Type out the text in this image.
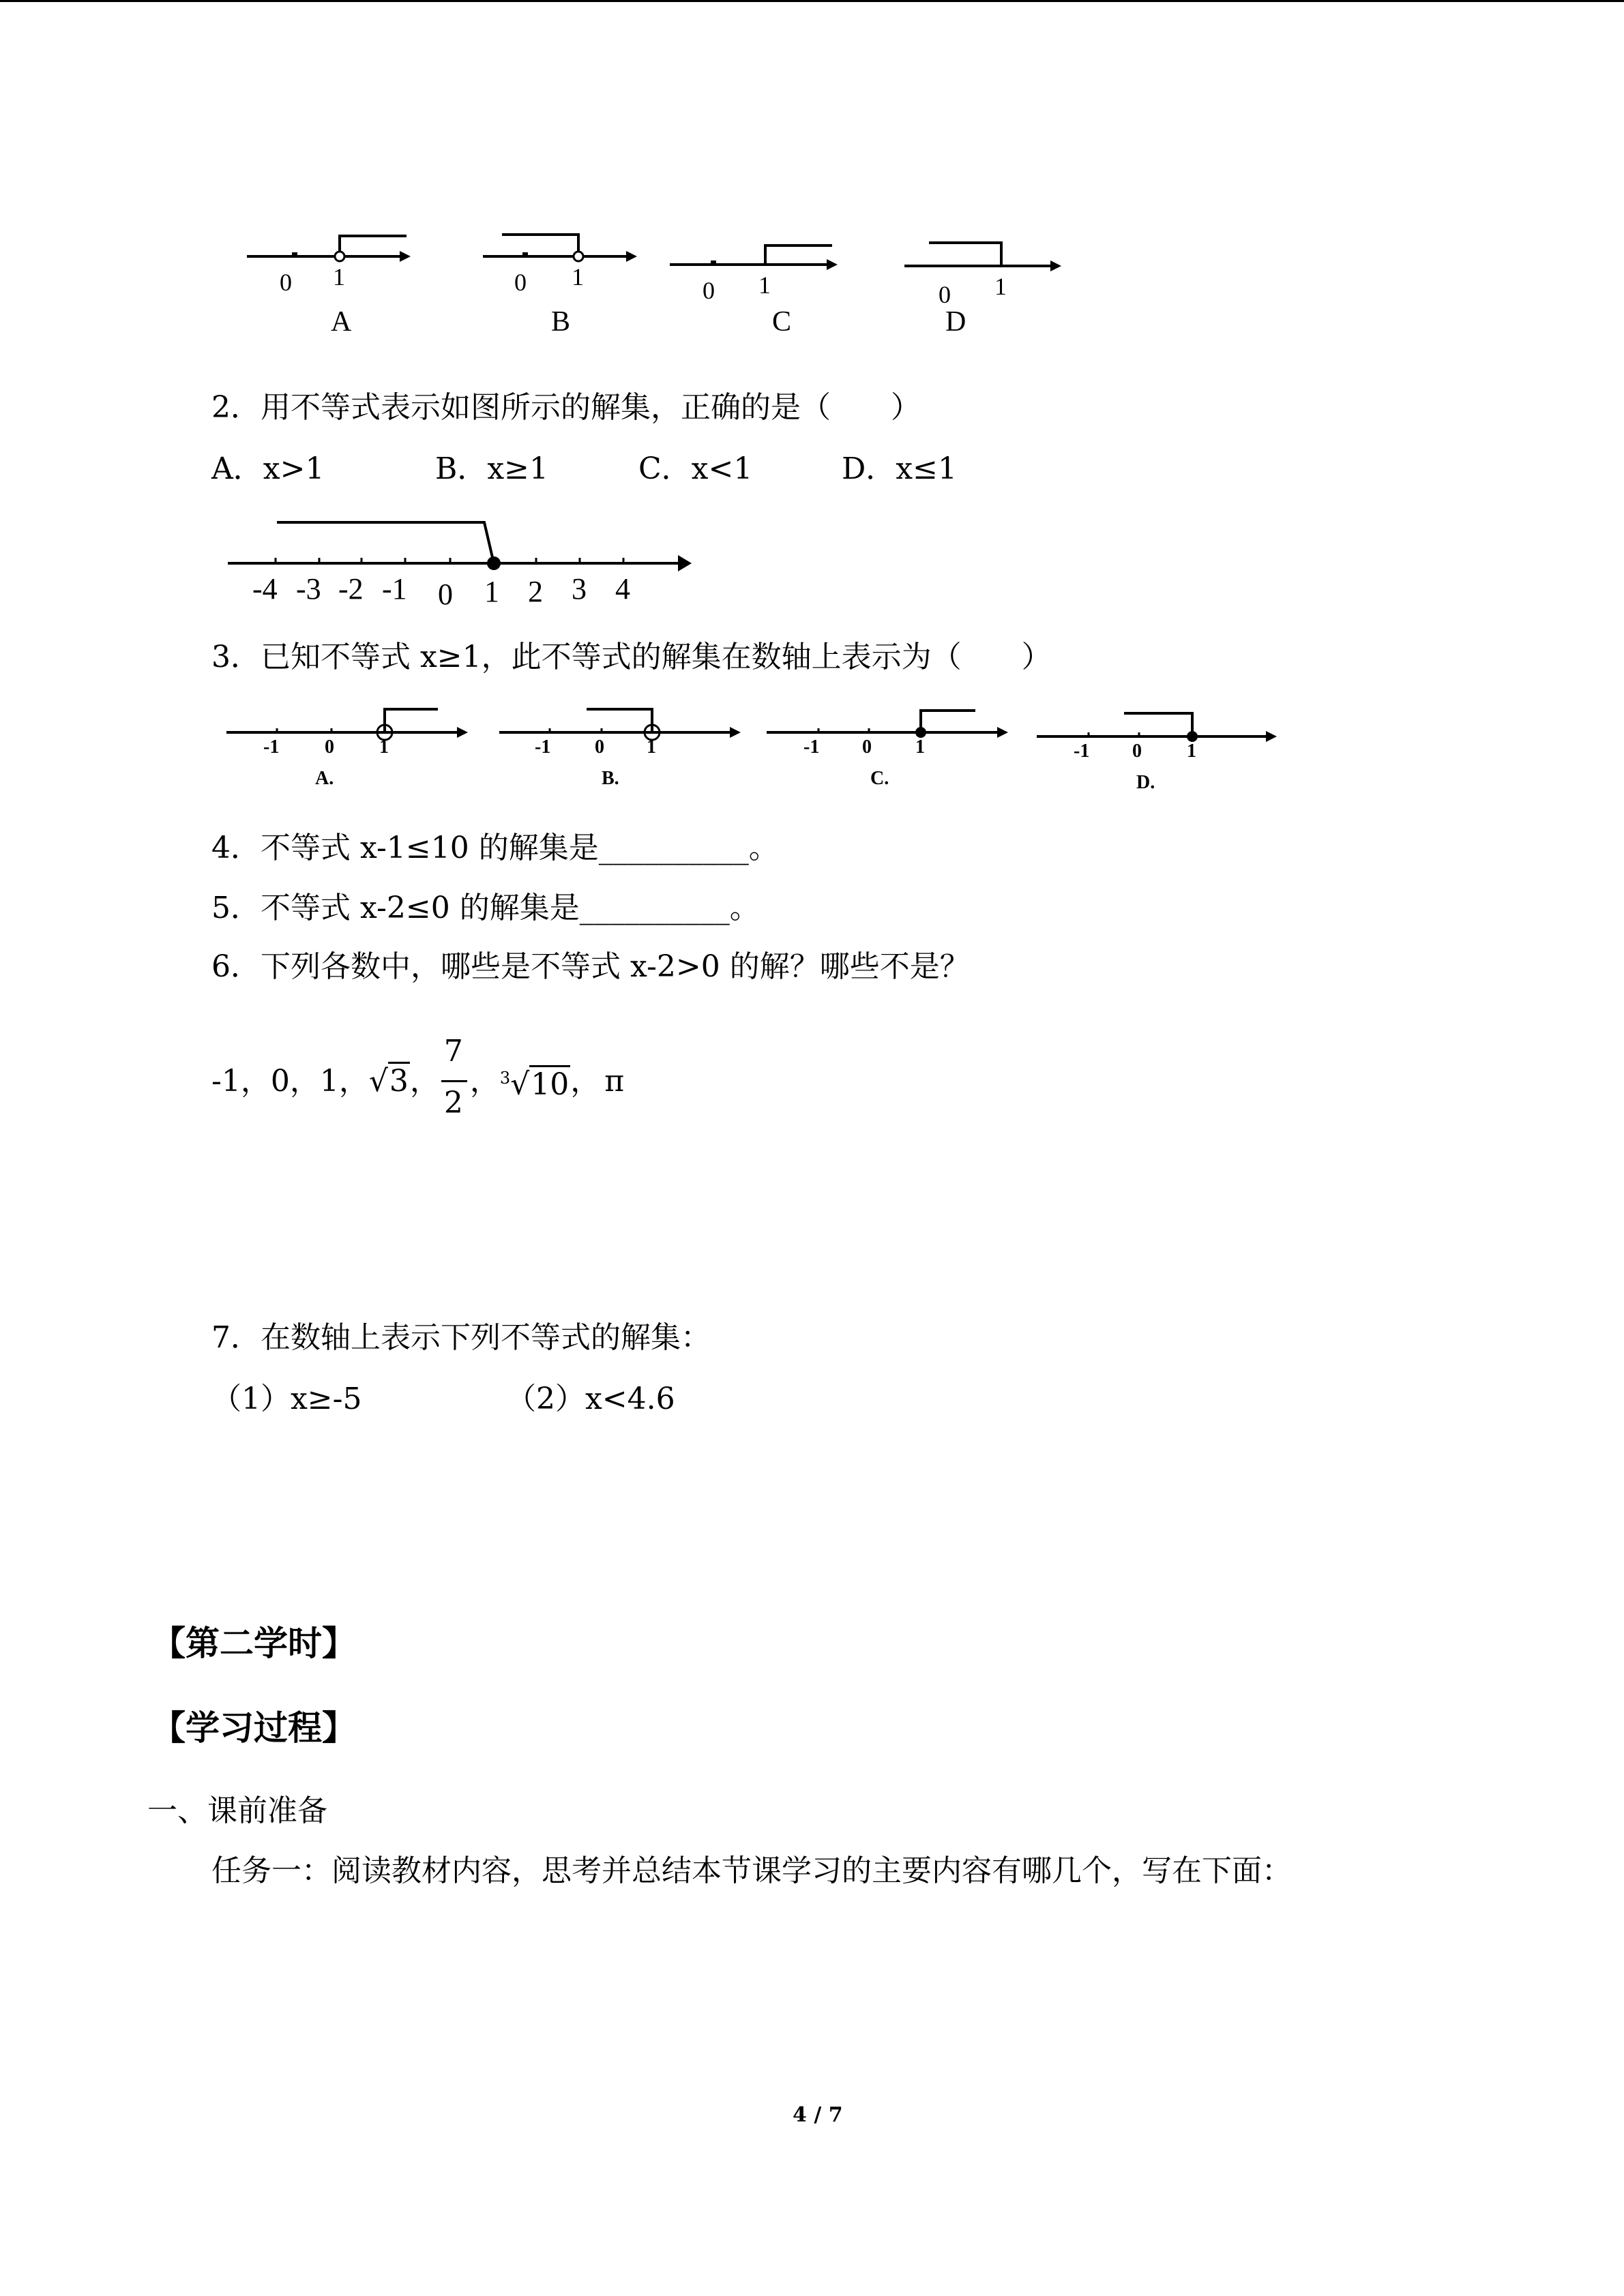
0 1	0 1	0 1	0 1
A	B	C	D
2．用不等式表示如图所示的解集，正确的是（　　）
A．x>1	B．x≥1	C．x<1	D．x≤1
-4 -3 -2 -1 0 1 2 3 4
3．已知不等式 x≥1，此不等式的解集在数轴上表示为（　　）
-1 0 1
A.
-1 0 1
B.
-1 0 1
C.
-1 0 1
D.
4．不等式 x-1≤10 的解集是__________。
5．不等式 x-2≤0 的解集是__________。
6．下列各数中，哪些是不等式 x-2>0 的解？哪些不是？
-1，0，1， √3 ， $\frac{7}{2}$ ， $^3$√10 ， π
7．在数轴上表示下列不等式的解集：
（1）x≥-5	（2）x<4.6
【第二学时】
【学习过程】
一、课前准备
任务一：阅读教材内容，思考并总结本节课学习的主要内容有哪几个，写在下面：
4 / 7
